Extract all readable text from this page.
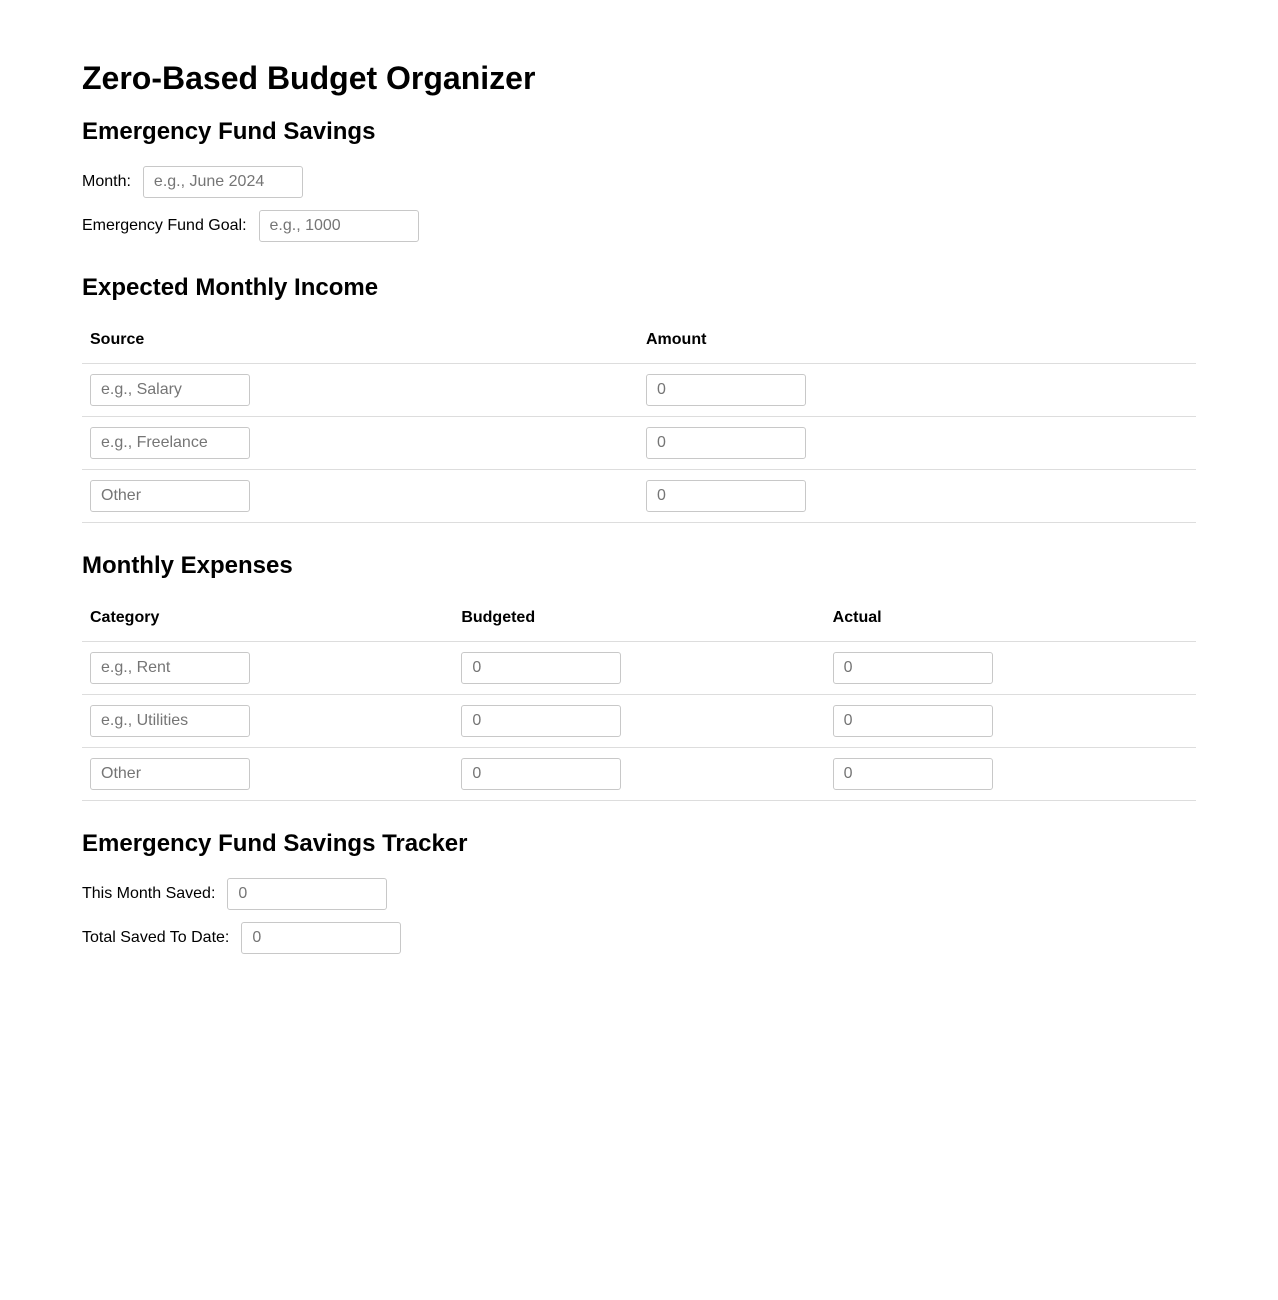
Zero-Based Budget Organizer
Emergency Fund Savings
Month:
e.g., June 2024
Emergency Fund Goal:
e.g., 1000
Expected Monthly Income
Source	Amount
e.g., Salary	0
e.g., Freelance	0
Other	0
Monthly Expenses
Category	Budgeted	Actual
e.g., Rent	0	0
e.g., Utilities	0	0
Other	0	0
Emergency Fund Savings Tracker
This Month Saved:
0
Total Saved To Date:
0
